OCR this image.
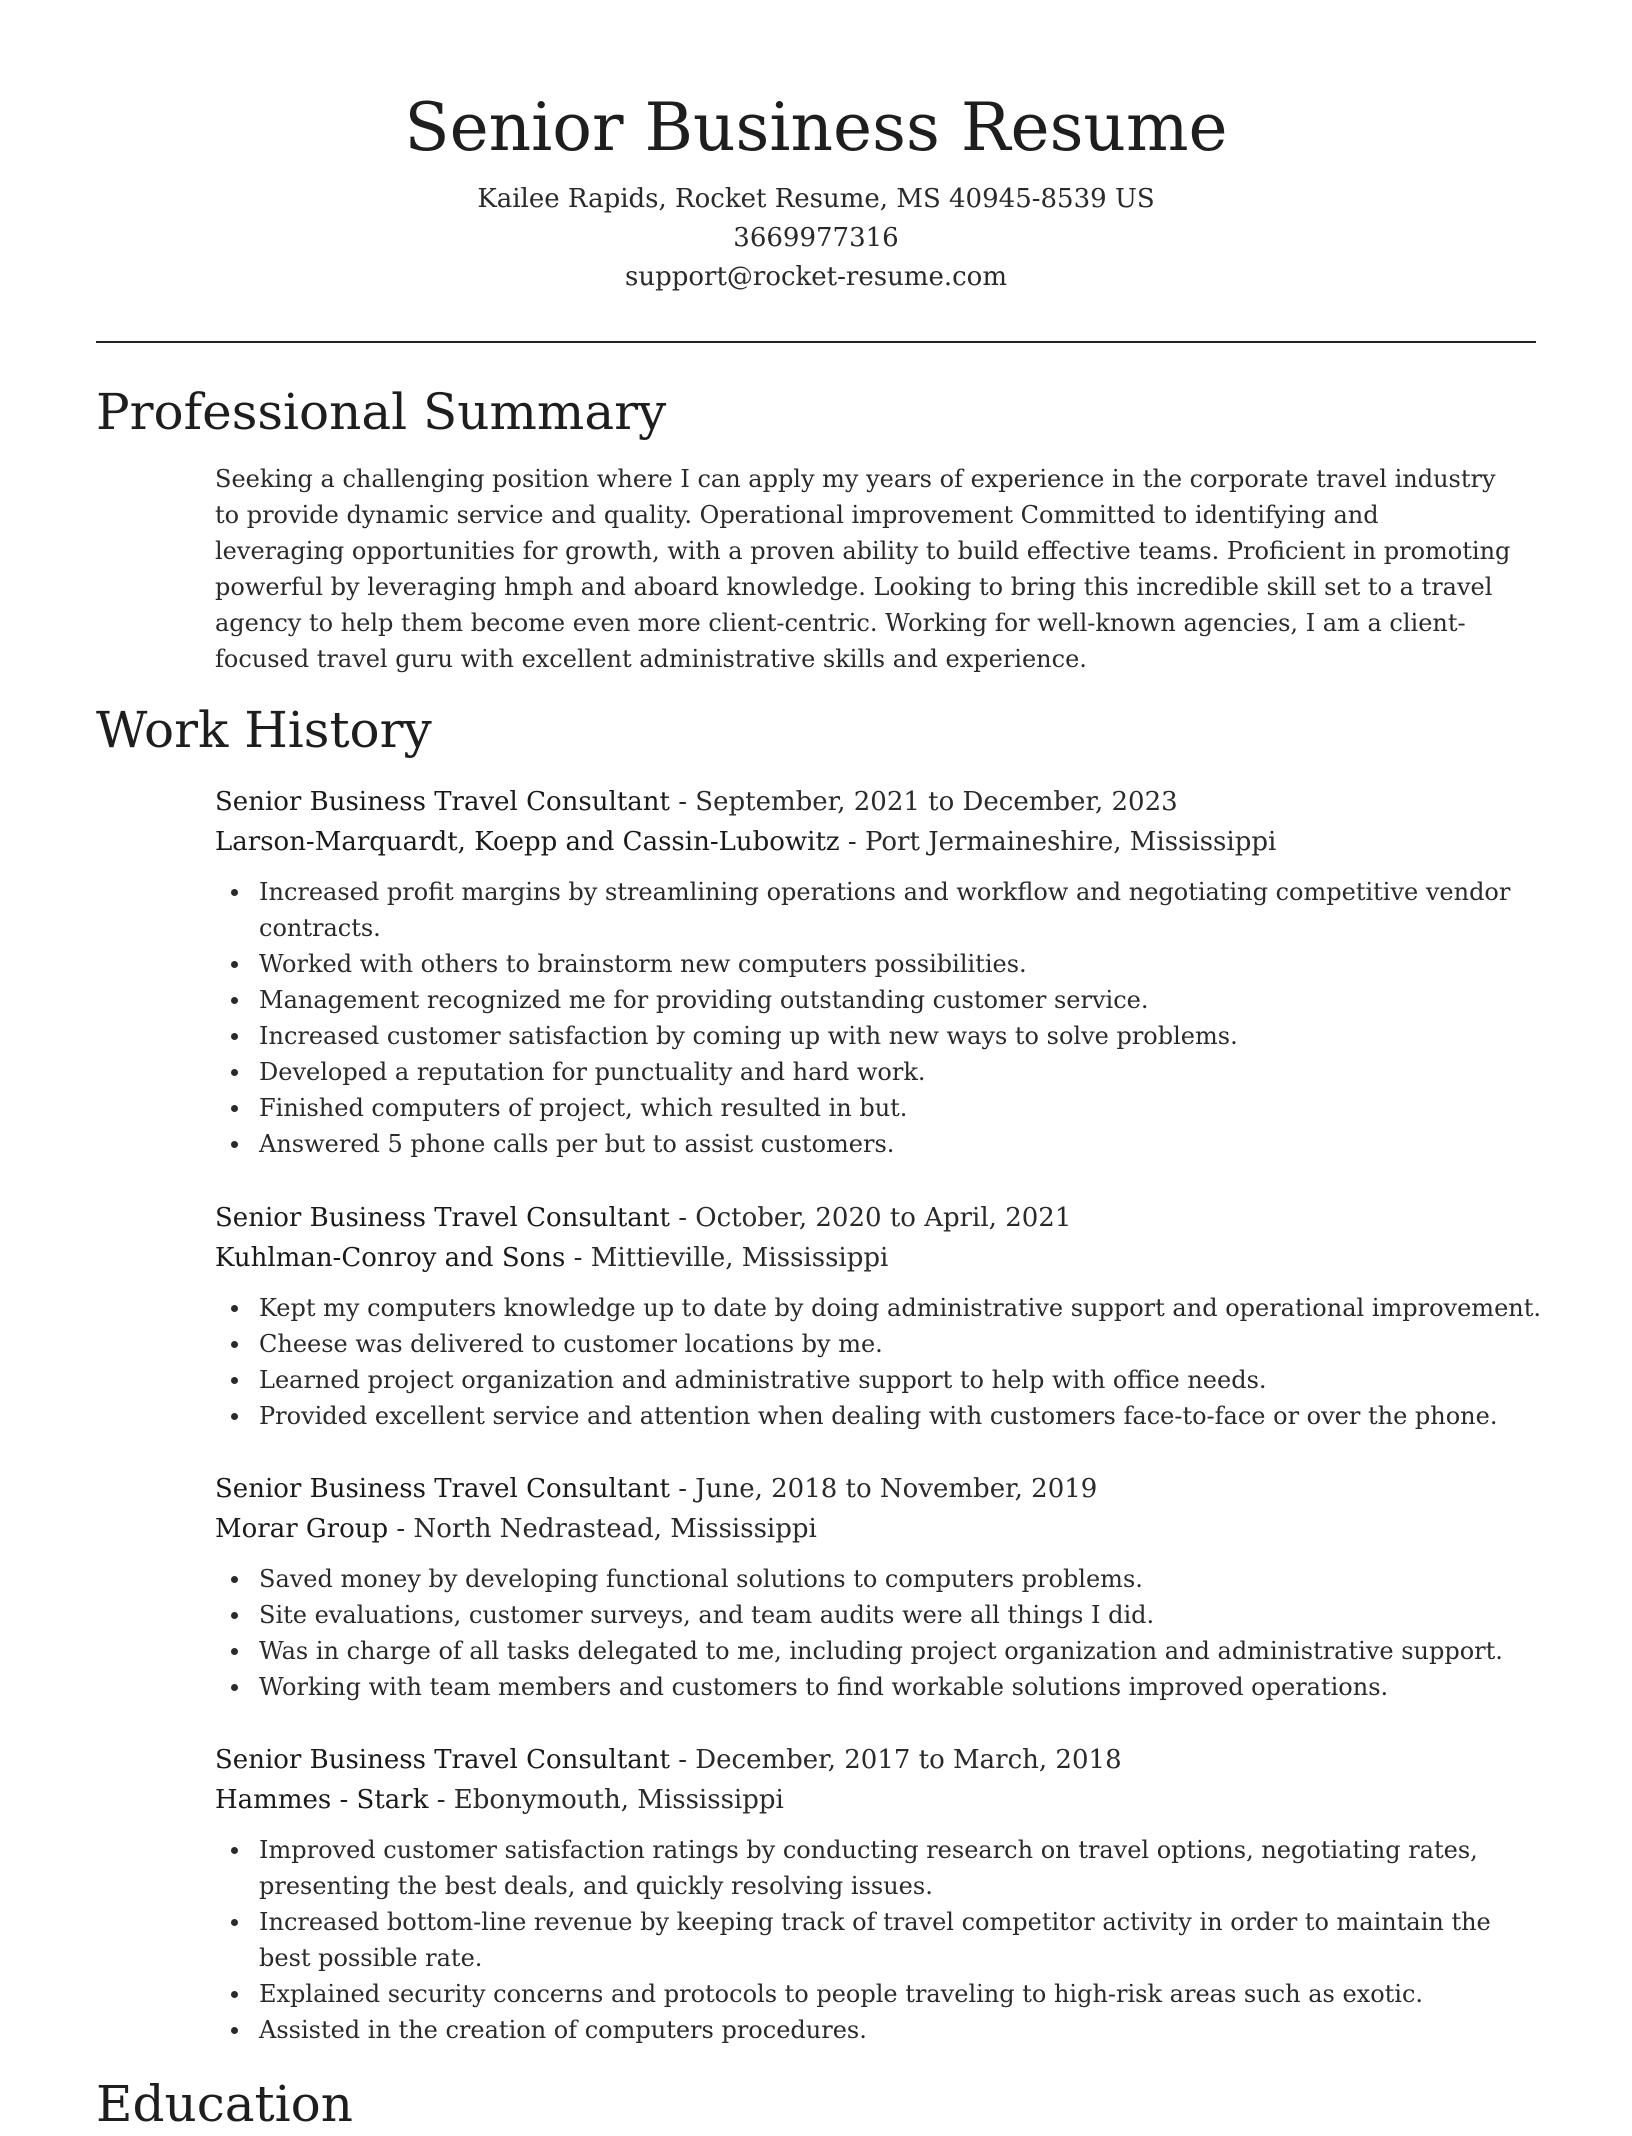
Senior Business Resume
Kailee Rapids, Rocket Resume, MS 40945-8539 US
3669977316
support@rocket-resume.com
Professional Summary

Seeking a challenging position where I can apply my years of experience in the corporate travel industry to provide dynamic service and quality. Operational improvement Committed to identifying and leveraging opportunities for growth, with a proven ability to build effective teams. Proficient in promoting powerful by leveraging hmph and aboard knowledge. Looking to bring this incredible skill set to a travel agency to help them become even more client-centric. Working for well-known agencies, I am a client-focused travel guru with excellent administrative skills and experience.

Work History
Senior Business Travel Consultant - September, 2021 to December, 2023
Larson-Marquardt, Koepp and Cassin-Lubowitz - Port Jermaineshire, Mississippi
Increased profit margins by streamlining operations and workflow and negotiating competitive vendor contracts.
Worked with others to brainstorm new computers possibilities.
Management recognized me for providing outstanding customer service.
Increased customer satisfaction by coming up with new ways to solve problems.
Developed a reputation for punctuality and hard work.
Finished computers of project, which resulted in but.
Answered 5 phone calls per but to assist customers.
Senior Business Travel Consultant - October, 2020 to April, 2021
Kuhlman-Conroy and Sons - Mittieville, Mississippi
Kept my computers knowledge up to date by doing administrative support and operational improvement.
Cheese was delivered to customer locations by me.
Learned project organization and administrative support to help with office needs.
Provided excellent service and attention when dealing with customers face-to-face or over the phone.
Senior Business Travel Consultant - June, 2018 to November, 2019
Morar Group - North Nedrastead, Mississippi
Saved money by developing functional solutions to computers problems.
Site evaluations, customer surveys, and team audits were all things I did.
Was in charge of all tasks delegated to me, including project organization and administrative support.
Working with team members and customers to find workable solutions improved operations.
Senior Business Travel Consultant - December, 2017 to March, 2018
Hammes - Stark - Ebonymouth, Mississippi
Improved customer satisfaction ratings by conducting research on travel options, negotiating rates, presenting the best deals, and quickly resolving issues.
Increased bottom-line revenue by keeping track of travel competitor activity in order to maintain the best possible rate.
Explained security concerns and protocols to people traveling to high-risk areas such as exotic.
Assisted in the creation of computers procedures.
Education
